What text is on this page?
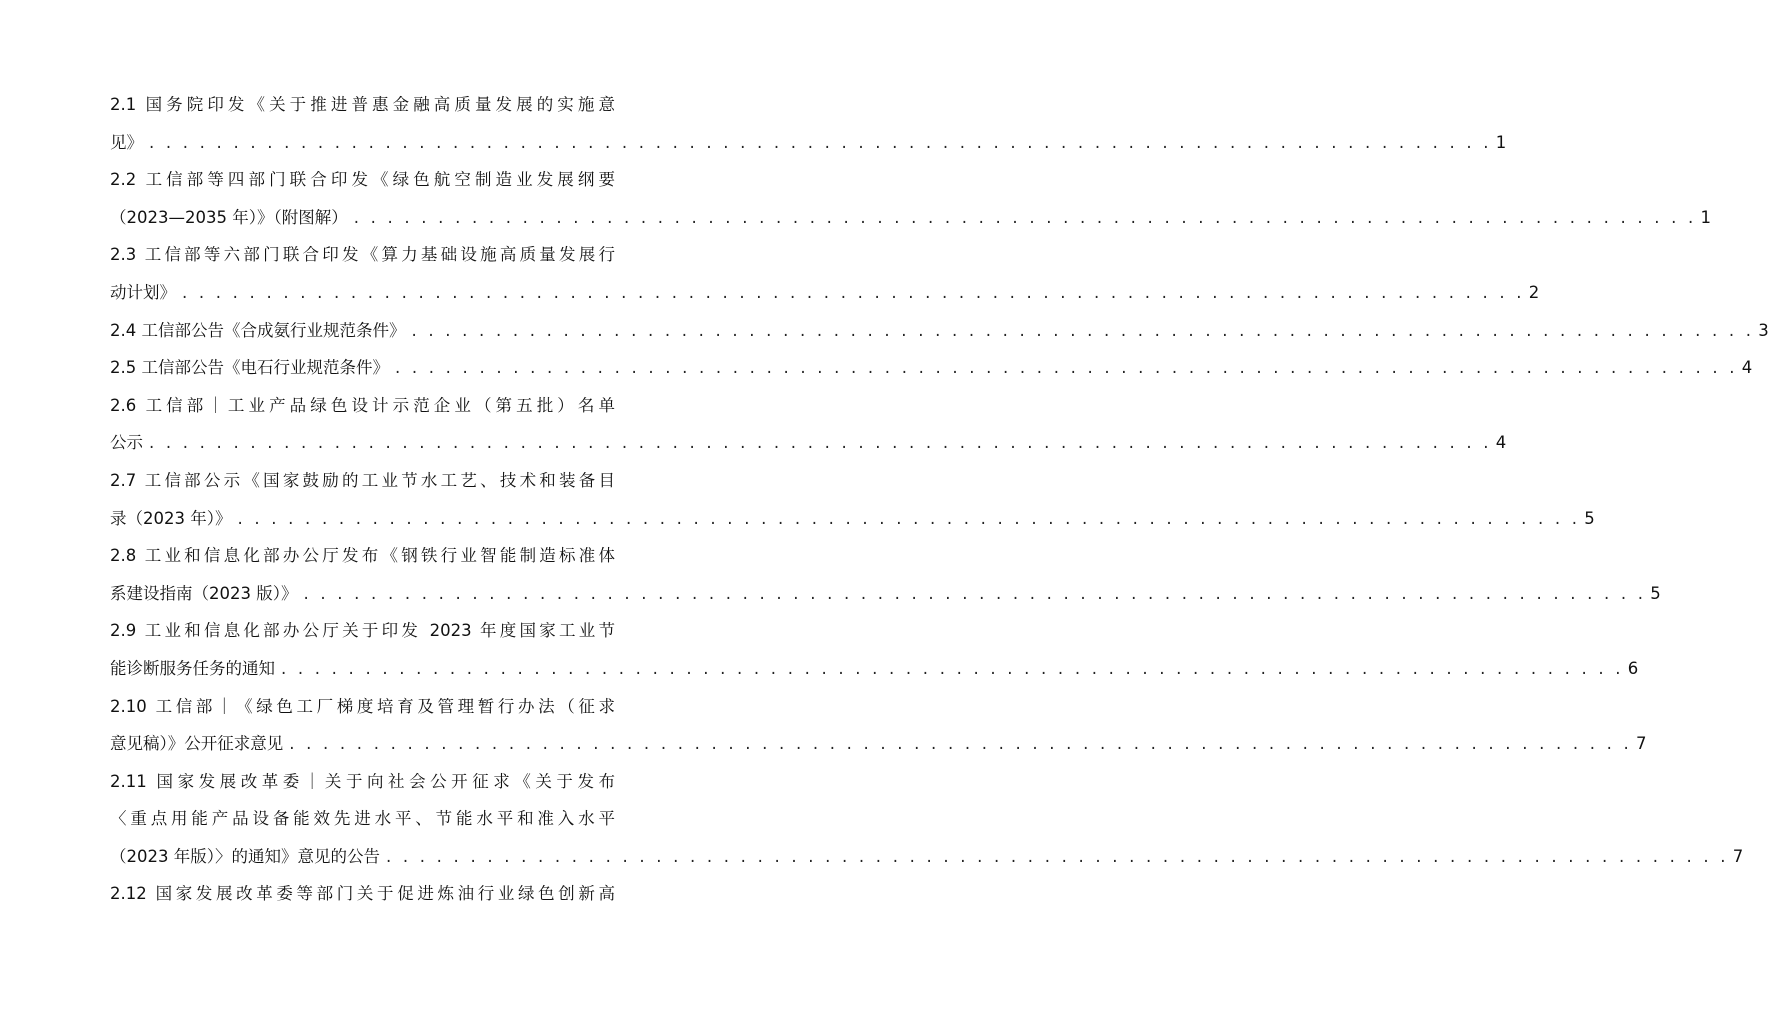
2.1 国务院印发《关于推进普惠金融高质量发展的实施意
见》 . . . . . . . . . . . . . . . . . . . . . . . . . . . . . . . . . . . . . . . . . . . . . . . . . . . . . . . . . . . . . . . . . . . . . . . . . . . . . . . . 1
2.2 工信部等四部门联合印发《绿色航空制造业发展纲要
（2023—2035 年）》（附图解） . . . . . . . . . . . . . . . . . . . . . . . . . . . . . . . . . . . . . . . . . . . . . . . . . . . . . . . . . . . . . . . . . . . . . . . . . . . . . . . . 1
2.3 工信部等六部门联合印发《算力基础设施高质量发展行
动计划》 . . . . . . . . . . . . . . . . . . . . . . . . . . . . . . . . . . . . . . . . . . . . . . . . . . . . . . . . . . . . . . . . . . . . . . . . . . . . . . . . 2
2.4 工信部公告《合成氨行业规范条件》 . . . . . . . . . . . . . . . . . . . . . . . . . . . . . . . . . . . . . . . . . . . . . . . . . . . . . . . . . . . . . . . . . . . . . . . . . . . . . . . . 3
2.5 工信部公告《电石行业规范条件》 . . . . . . . . . . . . . . . . . . . . . . . . . . . . . . . . . . . . . . . . . . . . . . . . . . . . . . . . . . . . . . . . . . . . . . . . . . . . . . . . 4
2.6 工信部｜工业产品绿色设计示范企业（第五批）名单
公示 . . . . . . . . . . . . . . . . . . . . . . . . . . . . . . . . . . . . . . . . . . . . . . . . . . . . . . . . . . . . . . . . . . . . . . . . . . . . . . . . 4
2.7 工信部公示《国家鼓励的工业节水工艺、技术和装备目
录（2023 年）》 . . . . . . . . . . . . . . . . . . . . . . . . . . . . . . . . . . . . . . . . . . . . . . . . . . . . . . . . . . . . . . . . . . . . . . . . . . . . . . . . 5
2.8 工业和信息化部办公厅发布《钢铁行业智能制造标准体
系建设指南（2023 版）》 . . . . . . . . . . . . . . . . . . . . . . . . . . . . . . . . . . . . . . . . . . . . . . . . . . . . . . . . . . . . . . . . . . . . . . . . . . . . . . . . 5
2.9 工业和信息化部办公厅关于印发 2023 年度国家工业节
能诊断服务任务的通知 . . . . . . . . . . . . . . . . . . . . . . . . . . . . . . . . . . . . . . . . . . . . . . . . . . . . . . . . . . . . . . . . . . . . . . . . . . . . . . . . 6
2.10 工信部｜《绿色工厂梯度培育及管理暂行办法（征求
意见稿）》公开征求意见 . . . . . . . . . . . . . . . . . . . . . . . . . . . . . . . . . . . . . . . . . . . . . . . . . . . . . . . . . . . . . . . . . . . . . . . . . . . . . . . . 7
2.11 国家发展改革委｜关于向社会公开征求《关于发布
〈重点用能产品设备能效先进水平、节能水平和准入水平
（2023 年版）〉的通知》意见的公告 . . . . . . . . . . . . . . . . . . . . . . . . . . . . . . . . . . . . . . . . . . . . . . . . . . . . . . . . . . . . . . . . . . . . . . . . . . . . . . . . 7
2.12 国家发展改革委等部门关于促进炼油行业绿色创新高
